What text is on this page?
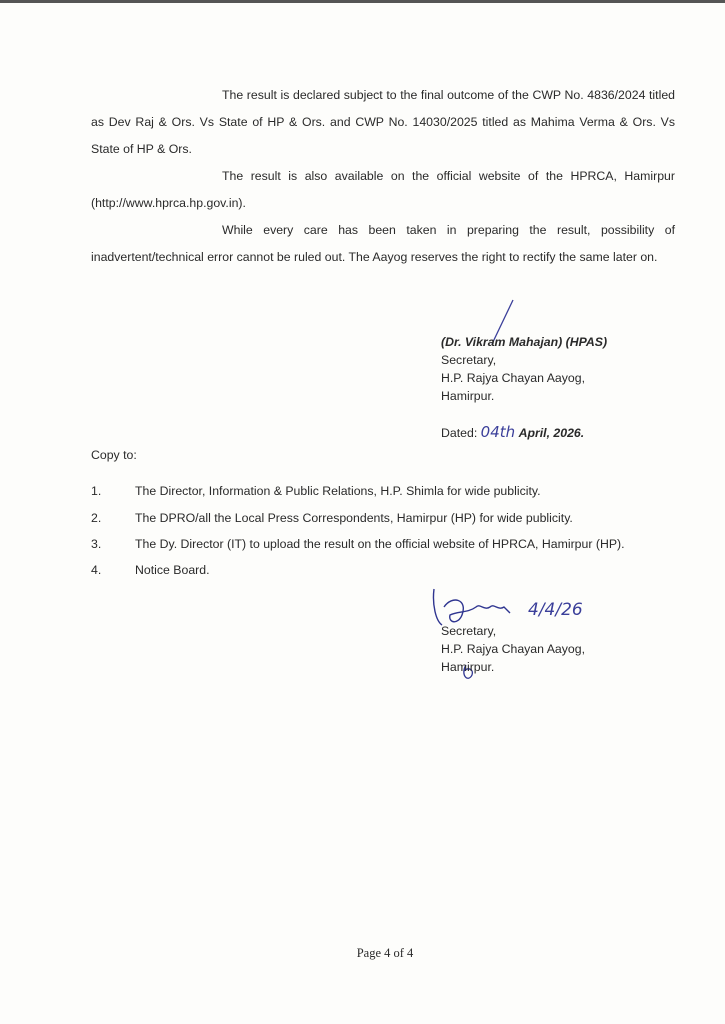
The result is declared subject to the final outcome of the CWP No. 4836/2024 titled as Dev Raj & Ors. Vs State of HP & Ors. and CWP No. 14030/2025 titled as Mahima Verma & Ors. Vs State of HP & Ors.

The result is also available on the official website of the HPRCA, Hamirpur (http://www.hprca.hp.gov.in).

While every care has been taken in preparing the result, possibility of inadvertent/technical error cannot be ruled out. The Aayog reserves the right to rectify the same later on.

(Dr. Vikram Mahajan) (HPAS)
Secretary,
H.P. Rajya Chayan Aayog,
Hamirpur.
Dated: 04th April, 2026.
Copy to:
1.	The Director, Information & Public Relations, H.P. Shimla for wide publicity.
2.	The DPRO/all the Local Press Correspondents, Hamirpur (HP) for wide publicity.
3.	The Dy. Director (IT) to upload the result on the official website of HPRCA, Hamirpur (HP).
4.	Notice Board.
4/4/26
Secretary,
H.P. Rajya Chayan Aayog,
Hamirpur.
Page 4 of 4
